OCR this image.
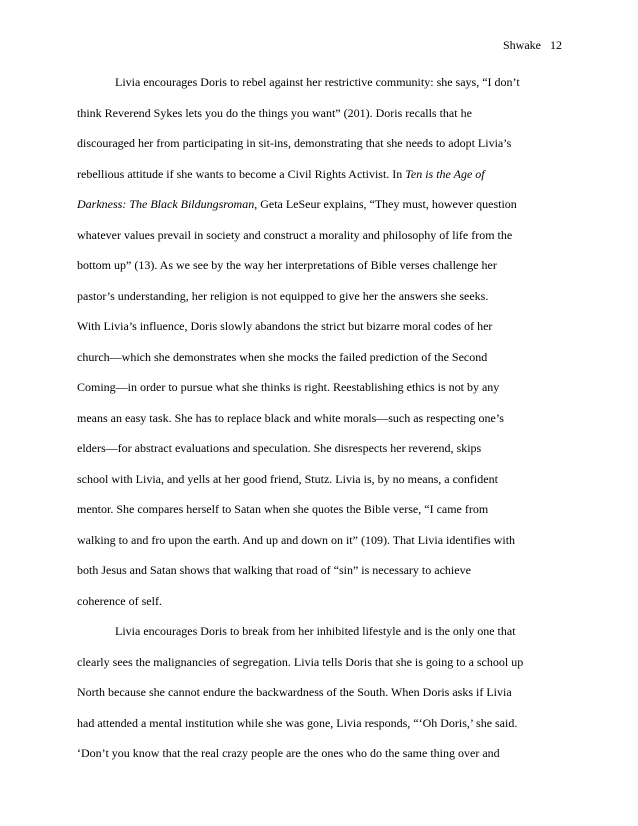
Shwake 12
Livia encourages Doris to rebel against her restrictive community: she says, “I don’t
think Reverend Sykes lets you do the things you want” (201). Doris recalls that he
discouraged her from participating in sit-ins, demonstrating that she needs to adopt Livia’s
rebellious attitude if she wants to become a Civil Rights Activist. In Ten is the Age of
Darkness: The Black Bildungsroman, Geta LeSeur explains, “They must, however question
whatever values prevail in society and construct a morality and philosophy of life from the
bottom up” (13). As we see by the way her interpretations of Bible verses challenge her
pastor’s understanding, her religion is not equipped to give her the answers she seeks.
With Livia’s influence, Doris slowly abandons the strict but bizarre moral codes of her
church—which she demonstrates when she mocks the failed prediction of the Second
Coming—in order to pursue what she thinks is right. Reestablishing ethics is not by any
means an easy task. She has to replace black and white morals—such as respecting one’s
elders—for abstract evaluations and speculation. She disrespects her reverend, skips
school with Livia, and yells at her good friend, Stutz. Livia is, by no means, a confident
mentor. She compares herself to Satan when she quotes the Bible verse, “I came from
walking to and fro upon the earth. And up and down on it” (109). That Livia identifies with
both Jesus and Satan shows that walking that road of “sin” is necessary to achieve
coherence of self.
Livia encourages Doris to break from her inhibited lifestyle and is the only one that
clearly sees the malignancies of segregation. Livia tells Doris that she is going to a school up
North because she cannot endure the backwardness of the South. When Doris asks if Livia
had attended a mental institution while she was gone, Livia responds, “‘Oh Doris,’ she said.
‘Don’t you know that the real crazy people are the ones who do the same thing over and
